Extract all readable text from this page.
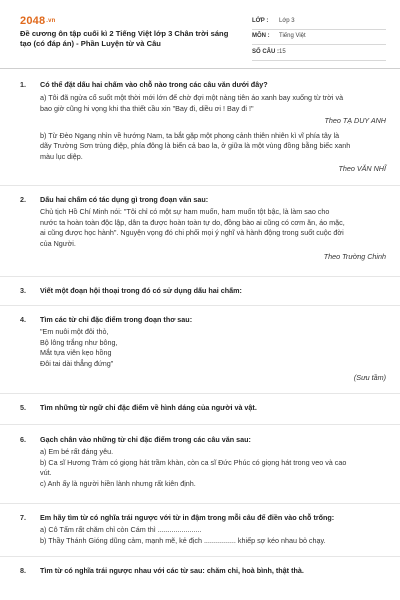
2048.vn
Đề cương ôn tập cuối kì 2 Tiếng Việt lớp 3 Chân trời sáng
tạo (có đáp án) - Phần Luyện từ và Câu
LỚP :	Lớp 3
MÔN :	Tiếng Việt
SỐ CÂU : 15
1. Có thể đặt dấu hai chấm vào chỗ nào trong các câu văn dưới đây?
a) Tôi đã ngửa cổ suốt một thời mới lớn để chờ đợi một nàng tiên áo xanh bay xuống từ trời và
bao giờ cũng hi vọng khi tha thiết cầu xin "Bay đi, diều ơi ! Bay đi !"
Theo TẠ DUY ANH
b) Từ Đèo Ngang nhìn về hướng Nam, ta bắt gặp một phong cảnh thiên nhiên kì vĩ phía tây là
dãy Trường Sơn trùng điệp, phía đông là biển cả bao la, ở giữa là một vùng đồng bằng biếc xanh
màu lục diệp.
Theo VĂN NHĨ
2. Dấu hai chấm có tác dụng gì trong đoạn văn sau:
Chủ tịch Hồ Chí Minh nói: "Tôi chỉ có một sự ham muốn, ham muốn tột bậc, là làm sao cho
nước ta hoàn toàn độc lập, dân ta được hoàn toàn tự do, đồng bào ai cũng có cơm ăn, áo mặc,
ai cũng được học hành". Nguyện vọng đó chi phối mọi ý nghĩ và hành động trong suốt cuộc đời
của Người.
Theo Trường Chinh
3. Viết một đoạn hội thoại trong đó có sử dụng dấu hai chấm:
4. Tìm các từ chỉ đặc điểm trong đoạn thơ sau:
"Em nuôi một đôi thỏ,
Bộ lông trắng như bông,
Mắt tựa viên kẹo hồng
Đôi tai dài thẳng đứng"
(Sưu tầm)
5. Tìm những từ ngữ chỉ đặc điểm về hình dáng của người và vật.
6. Gạch chân vào những từ chỉ đặc điểm trong các câu văn sau:
a) Em bé rất đáng yêu.
b) Ca sĩ Hương Tràm có giọng hát trầm khàn, còn ca sĩ Đức Phúc có giọng hát trong veo và cao
vút.
c) Anh ấy là người hiền lành nhưng rất kiên định.
7. Em hãy tìm từ có nghĩa trái ngược với từ in đậm trong mỗi câu để điền vào chỗ trống:
a) Cô Tấm rất chăm chỉ còn Cám thì ......................
b) Thầy Thánh Gióng dũng cảm, mạnh mẽ, kẻ địch ................ khiếp sợ kéo nhau bỏ chạy.
8. Tìm từ có nghĩa trái ngược nhau với các từ sau: chăm chỉ, hoà bình, thật thà.
